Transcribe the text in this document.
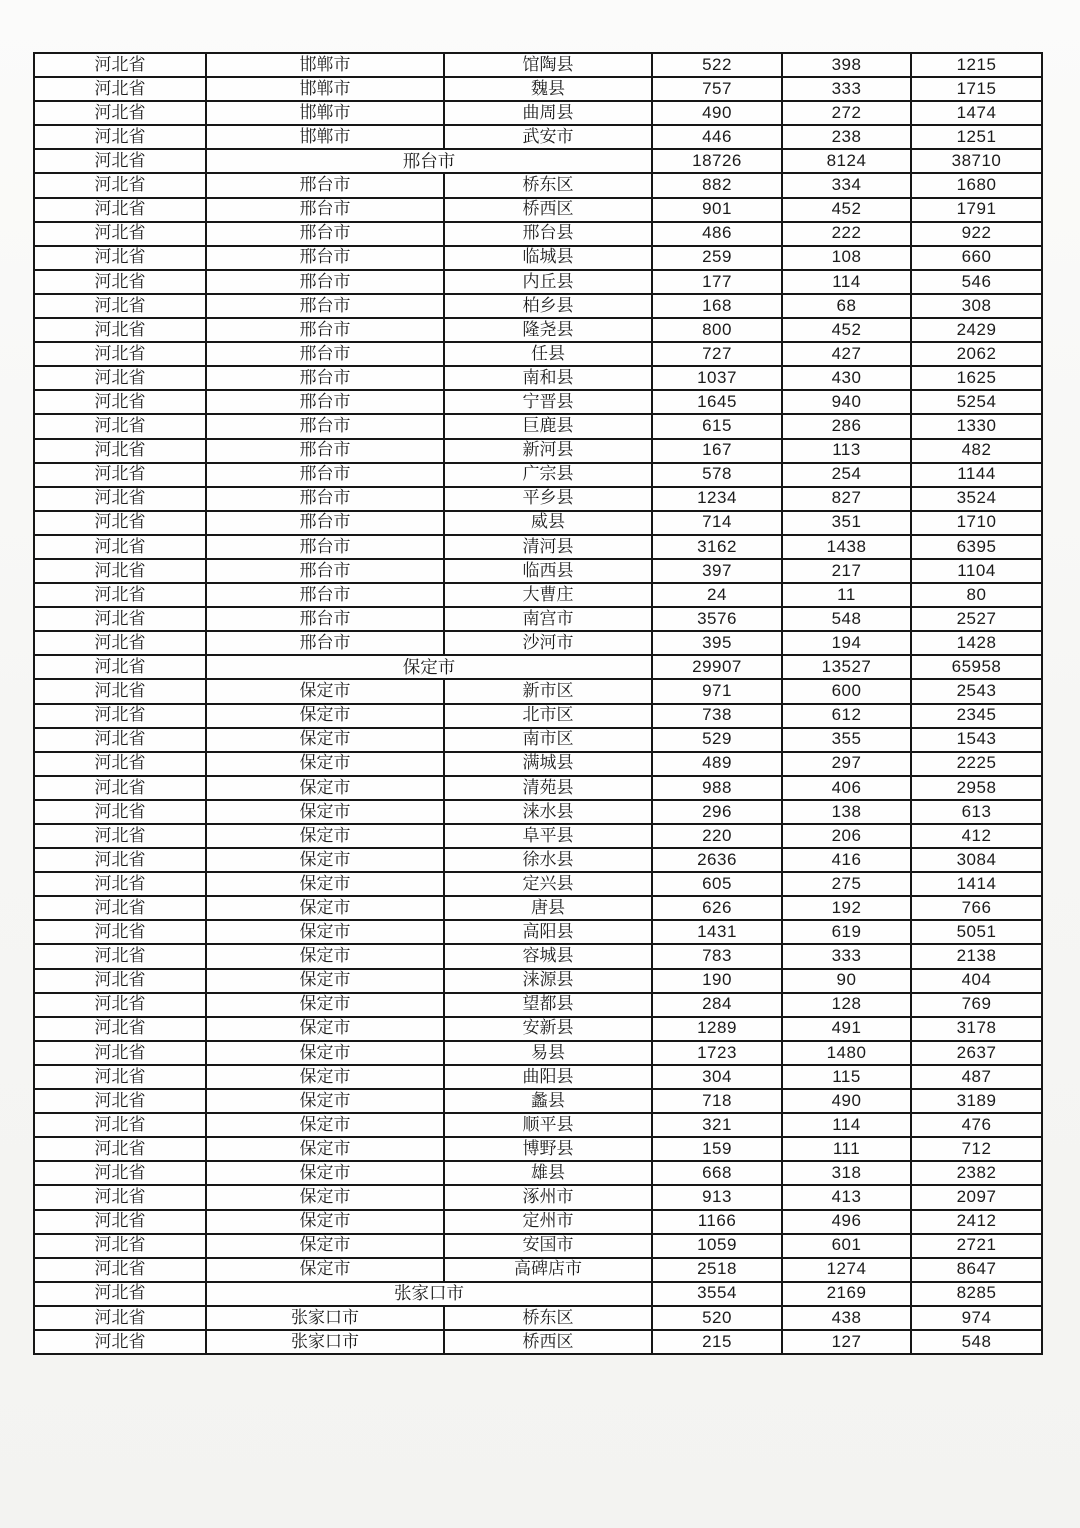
河北省	邯郸市	馆陶县	522	398	1215
河北省	邯郸市	魏县	757	333	1715
河北省	邯郸市	曲周县	490	272	1474
河北省	邯郸市	武安市	446	238	1251
河北省	邢台市		18726	8124	38710
河北省	邢台市	桥东区	882	334	1680
河北省	邢台市	桥西区	901	452	1791
河北省	邢台市	邢台县	486	222	922
河北省	邢台市	临城县	259	108	660
河北省	邢台市	内丘县	177	114	546
河北省	邢台市	柏乡县	168	68	308
河北省	邢台市	隆尧县	800	452	2429
河北省	邢台市	任县	727	427	2062
河北省	邢台市	南和县	1037	430	1625
河北省	邢台市	宁晋县	1645	940	5254
河北省	邢台市	巨鹿县	615	286	1330
河北省	邢台市	新河县	167	113	482
河北省	邢台市	广宗县	578	254	1144
河北省	邢台市	平乡县	1234	827	3524
河北省	邢台市	威县	714	351	1710
河北省	邢台市	清河县	3162	1438	6395
河北省	邢台市	临西县	397	217	1104
河北省	邢台市	大曹庄	24	11	80
河北省	邢台市	南宫市	3576	548	2527
河北省	邢台市	沙河市	395	194	1428
河北省	保定市		29907	13527	65958
河北省	保定市	新市区	971	600	2543
河北省	保定市	北市区	738	612	2345
河北省	保定市	南市区	529	355	1543
河北省	保定市	满城县	489	297	2225
河北省	保定市	清苑县	988	406	2958
河北省	保定市	涞水县	296	138	613
河北省	保定市	阜平县	220	206	412
河北省	保定市	徐水县	2636	416	3084
河北省	保定市	定兴县	605	275	1414
河北省	保定市	唐县	626	192	766
河北省	保定市	高阳县	1431	619	5051
河北省	保定市	容城县	783	333	2138
河北省	保定市	涞源县	190	90	404
河北省	保定市	望都县	284	128	769
河北省	保定市	安新县	1289	491	3178
河北省	保定市	易县	1723	1480	2637
河北省	保定市	曲阳县	304	115	487
河北省	保定市	蠡县	718	490	3189
河北省	保定市	顺平县	321	114	476
河北省	保定市	博野县	159	111	712
河北省	保定市	雄县	668	318	2382
河北省	保定市	涿州市	913	413	2097
河北省	保定市	定州市	1166	496	2412
河北省	保定市	安国市	1059	601	2721
河北省	保定市	高碑店市	2518	1274	8647
河北省	张家口市		3554	2169	8285
河北省	张家口市	桥东区	520	438	974
河北省	张家口市	桥西区	215	127	548
